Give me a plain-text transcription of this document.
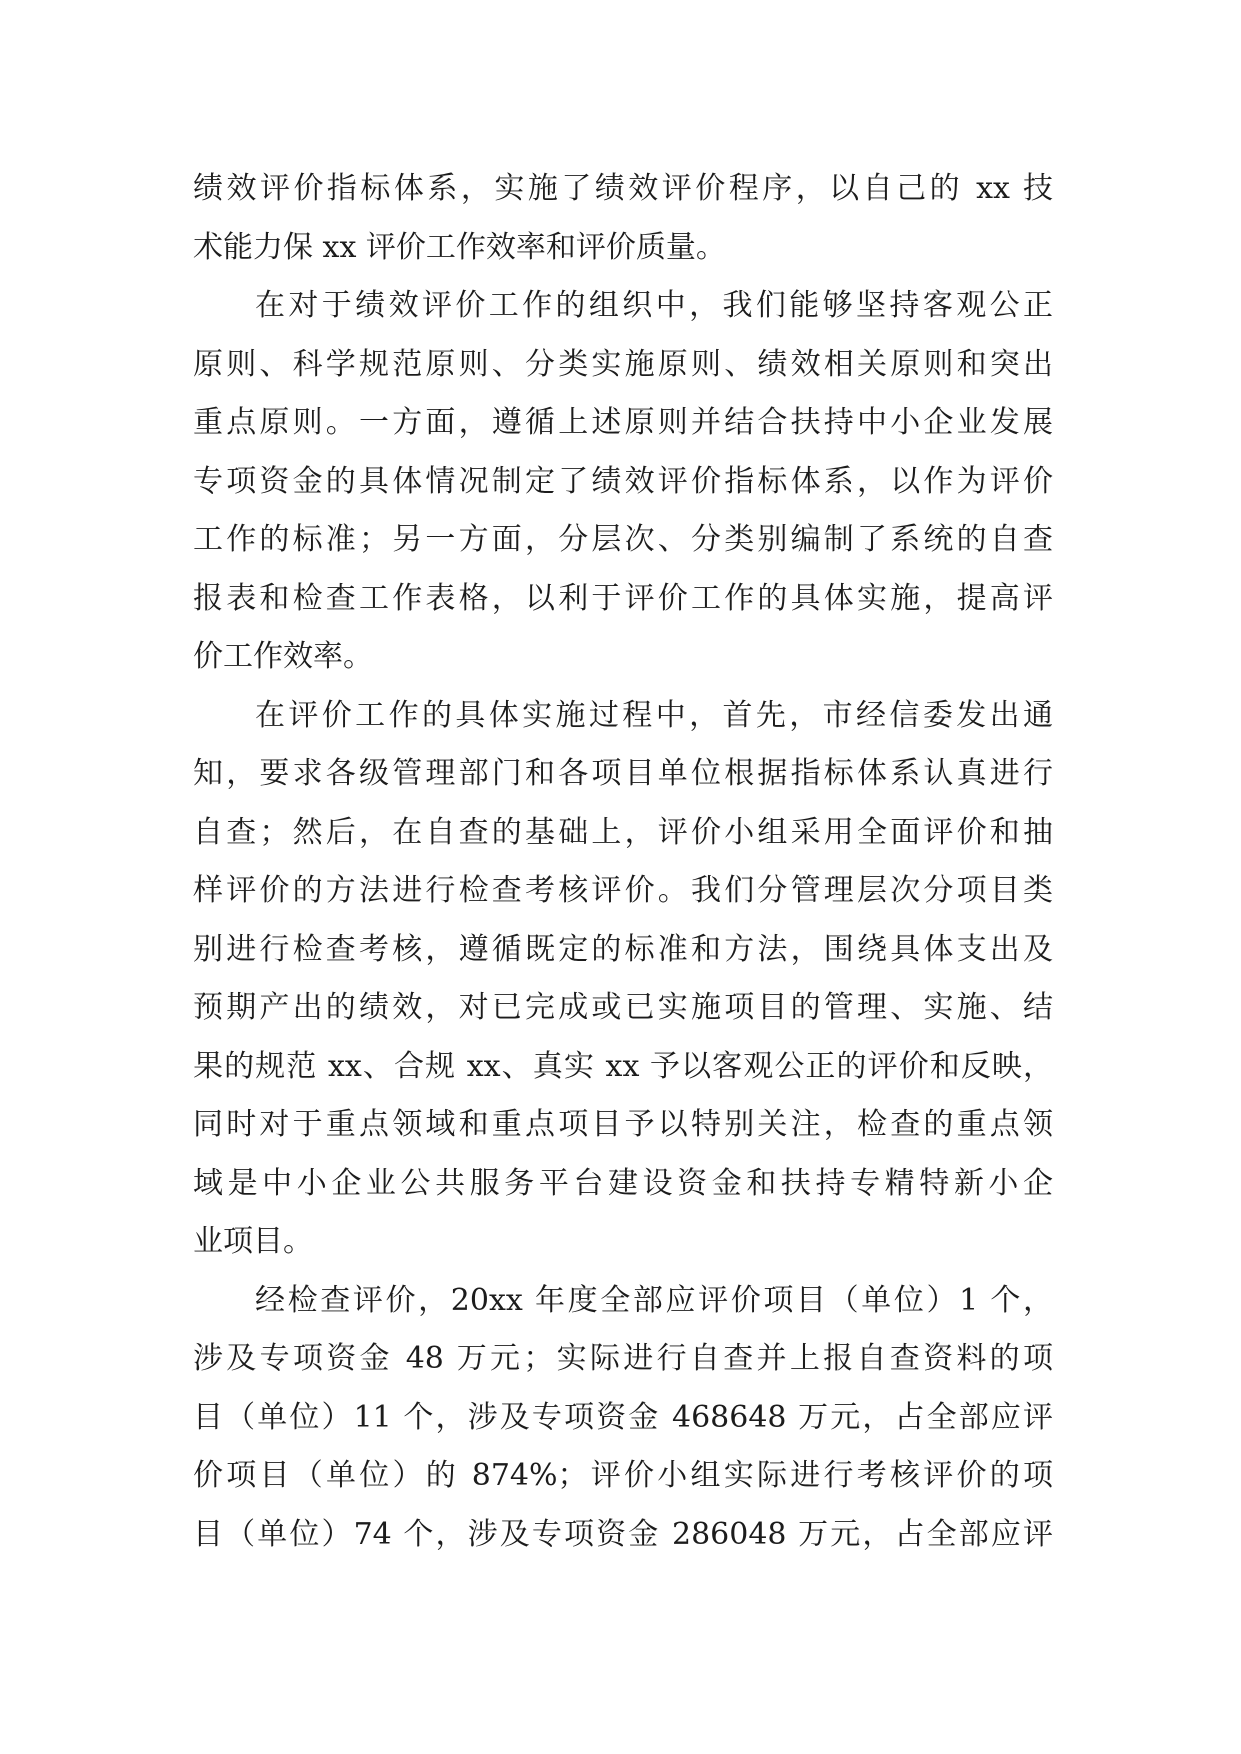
绩效评价指标体系，实施了绩效评价程序，以自己的 xx 技
术能力保 xx 评价工作效率和评价质量。
在对于绩效评价工作的组织中，我们能够坚持客观公正
原则、科学规范原则、分类实施原则、绩效相关原则和突出
重点原则。一方面，遵循上述原则并结合扶持中小企业发展
专项资金的具体情况制定了绩效评价指标体系，以作为评价
工作的标准；另一方面，分层次、分类别编制了系统的自查
报表和检查工作表格，以利于评价工作的具体实施，提高评
价工作效率。
在评价工作的具体实施过程中，首先，市经信委发出通
知，要求各级管理部门和各项目单位根据指标体系认真进行
自查；然后，在自查的基础上，评价小组采用全面评价和抽
样评价的方法进行检查考核评价。我们分管理层次分项目类
别进行检查考核，遵循既定的标准和方法，围绕具体支出及
预期产出的绩效，对已完成或已实施项目的管理、实施、结
果的规范 xx、合规 xx、真实 xx 予以客观公正的评价和反映，
同时对于重点领域和重点项目予以特别关注，检查的重点领
域是中小企业公共服务平台建设资金和扶持专精特新小企
业项目。
经检查评价，20xx 年度全部应评价项目（单位）1 个，
涉及专项资金 48 万元；实际进行自查并上报自查资料的项
目（单位）11 个，涉及专项资金 468648 万元，占全部应评
价项目（单位）的 874%；评价小组实际进行考核评价的项
目（单位）74 个，涉及专项资金 286048 万元，占全部应评
